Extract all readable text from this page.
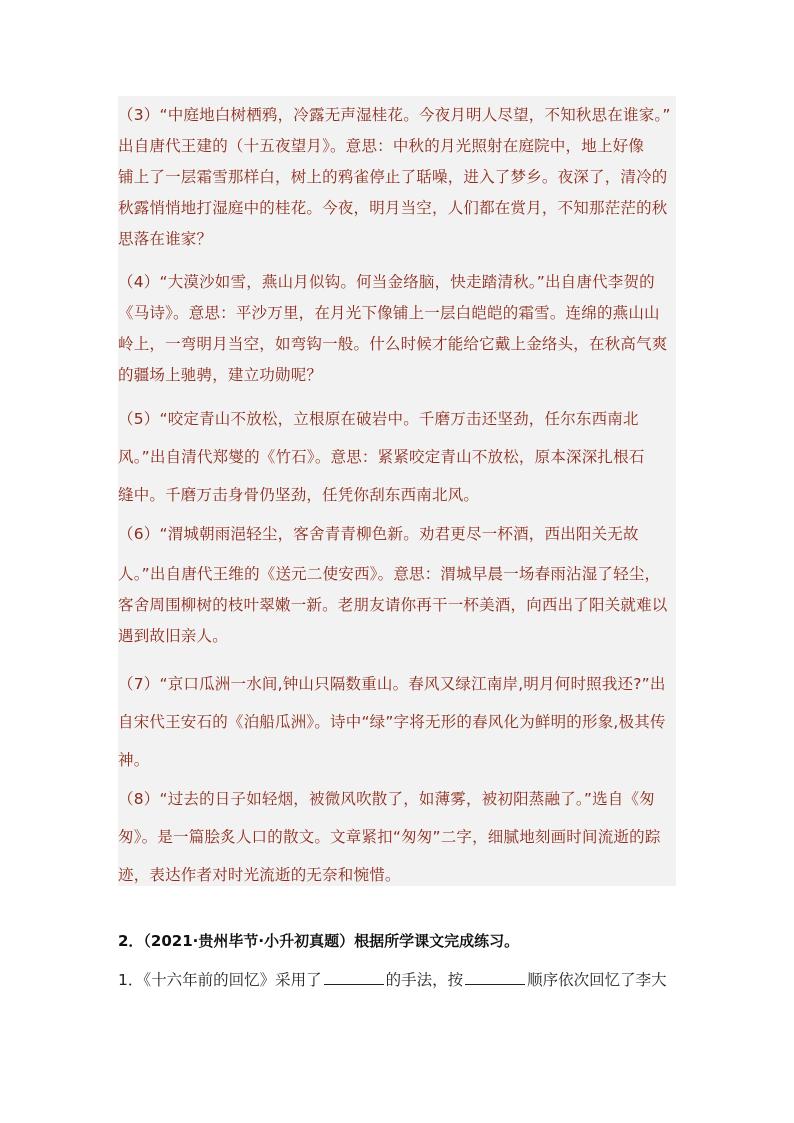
（3）“中庭地白树栖鸦，冷露无声湿桂花。今夜月明人尽望，不知秋思在谁家。”
出自唐代王建的（十五夜望月》。意思：中秋的月光照射在庭院中，地上好像
铺上了一层霜雪那样白，树上的鸦雀停止了聒噪，进入了梦乡。夜深了，清冷的
秋露悄悄地打湿庭中的桂花。今夜，明月当空，人们都在赏月，不知那茫茫的秋
思落在谁家？
（4）“大漠沙如雪，燕山月似钩。何当金络脑，快走踏清秋。”出自唐代李贺的
《马诗》。意思：平沙万里，在月光下像铺上一层白皑皑的霜雪。连绵的燕山山
岭上，一弯明月当空，如弯钩一般。什么时候才能给它戴上金络头，在秋高气爽
的疆场上驰骋，建立功勋呢？
（5）“咬定青山不放松，立根原在破岩中。千磨万击还坚劲，任尔东西南北
风。”出自清代郑燮的《竹石》。意思：紧紧咬定青山不放松，原本深深扎根石
缝中。千磨万击身骨仍坚劲，任凭你刮东西南北风。
（6）“渭城朝雨浥轻尘，客舍青青柳色新。劝君更尽一杯酒，西出阳关无故
人。”出自唐代王维的《送元二使安西》。意思：渭城早晨一场春雨沾湿了轻尘，
客舍周围柳树的枝叶翠嫩一新。老朋友请你再干一杯美酒，向西出了阳关就难以
遇到故旧亲人。
（7）“京口瓜洲一水间,钟山只隔数重山。春风又绿江南岸,明月何时照我还?”出
自宋代王安石的《泊船瓜洲》。诗中“绿”字将无形的春风化为鲜明的形象,极其传
神。
（8）“过去的日子如轻烟，被微风吹散了，如薄雾，被初阳蒸融了。”选自《匆
匆》。是一篇脍炙人口的散文。文章紧扣“匆匆”二字，细腻地刻画时间流逝的踪
迹，表达作者对时光流逝的无奈和惋惜。
2．（2021·贵州毕节·小升初真题）根据所学课文完成练习。
1．《十六年前的回忆》采用了	的手法，按	顺序依次回忆了李大
